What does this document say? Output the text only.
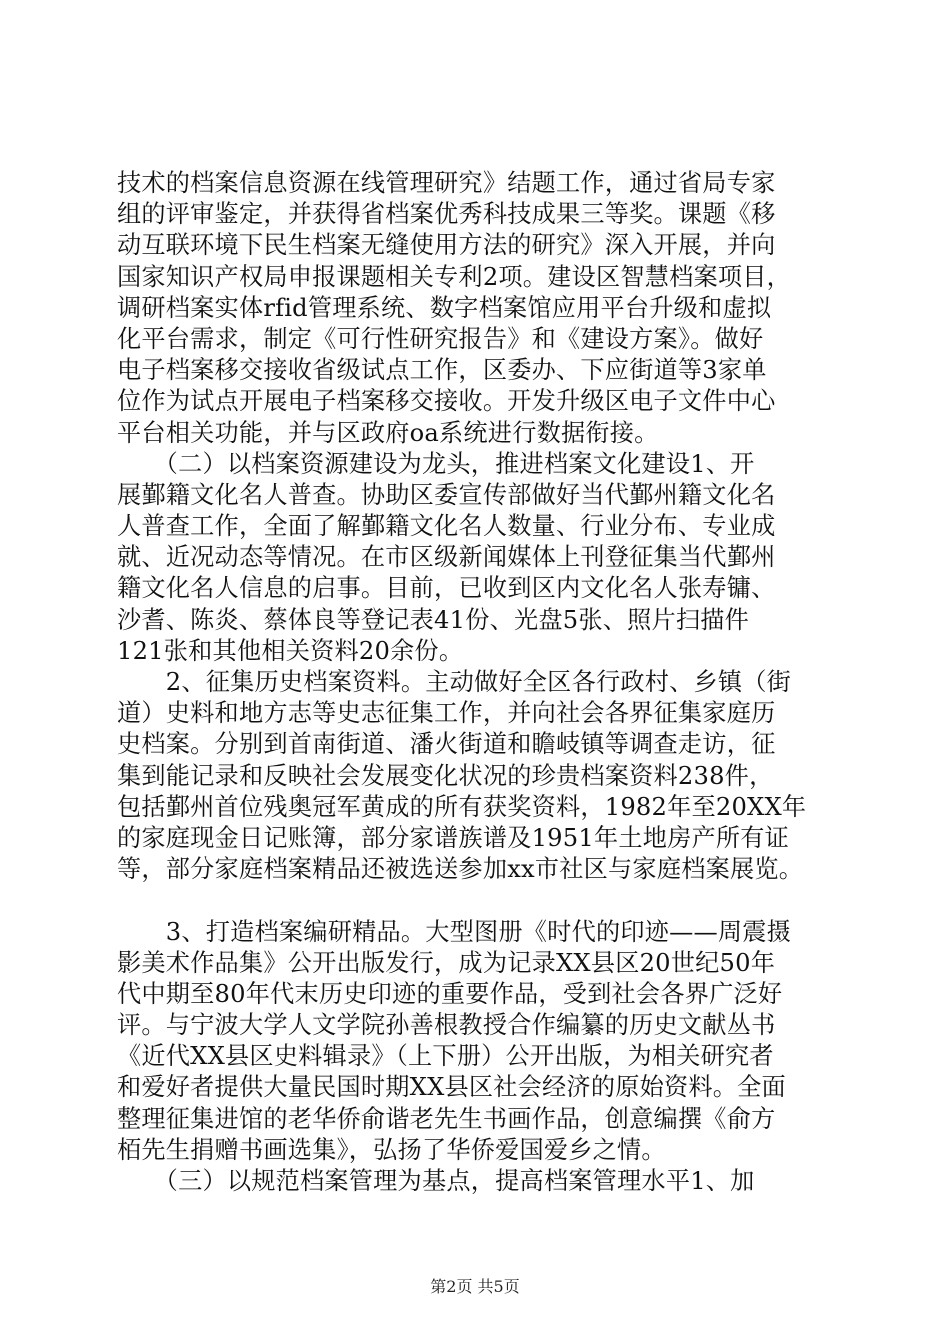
技术的档案信息资源在线管理研究》结题工作，通过省局专家
组的评审鉴定，并获得省档案优秀科技成果三等奖。课题《移
动互联环境下民生档案无缝使用方法的研究》深入开展，并向
国家知识产权局申报课题相关专利2项。建设区智慧档案项目，
调研档案实体rfid管理系统、数字档案馆应用平台升级和虚拟
化平台需求，制定《可行性研究报告》和《建设方案》。做好
电子档案移交接收省级试点工作，区委办、下应街道等3家单
位作为试点开展电子档案移交接收。开发升级区电子文件中心
平台相关功能，并与区政府oa系统进行数据衔接。
　　（二）以档案资源建设为龙头，推进档案文化建设1、开
展鄞籍文化名人普查。协助区委宣传部做好当代鄞州籍文化名
人普查工作，全面了解鄞籍文化名人数量、行业分布、专业成
就、近况动态等情况。在市区级新闻媒体上刊登征集当代鄞州
籍文化名人信息的启事。目前，已收到区内文化名人张寿镛、
沙耆、陈炎、蔡体良等登记表41份、光盘5张、照片扫描件
121张和其他相关资料20余份。
　　2、征集历史档案资料。主动做好全区各行政村、乡镇（街
道）史料和地方志等史志征集工作，并向社会各界征集家庭历
史档案。分别到首南街道、潘火街道和瞻岐镇等调查走访，征
集到能记录和反映社会发展变化状况的珍贵档案资料238件，
包括鄞州首位残奥冠军黄成的所有获奖资料，1982年至20XX年
的家庭现金日记账簿，部分家谱族谱及1951年土地房产所有证
等，部分家庭档案精品还被选送参加xx市社区与家庭档案展览。
　　3、打造档案编研精品。大型图册《时代的印迹——周震摄
影美术作品集》公开出版发行，成为记录XX县区20世纪50年
代中期至80年代末历史印迹的重要作品，受到社会各界广泛好
评。与宁波大学人文学院孙善根教授合作编纂的历史文献丛书
《近代XX县区史料辑录》（上下册）公开出版，为相关研究者
和爱好者提供大量民国时期XX县区社会经济的原始资料。全面
整理征集进馆的老华侨俞谐老先生书画作品，创意编撰《俞方
栢先生捐赠书画选集》，弘扬了华侨爱国爱乡之情。
　　（三）以规范档案管理为基点，提高档案管理水平1、加
第2页 共5页
